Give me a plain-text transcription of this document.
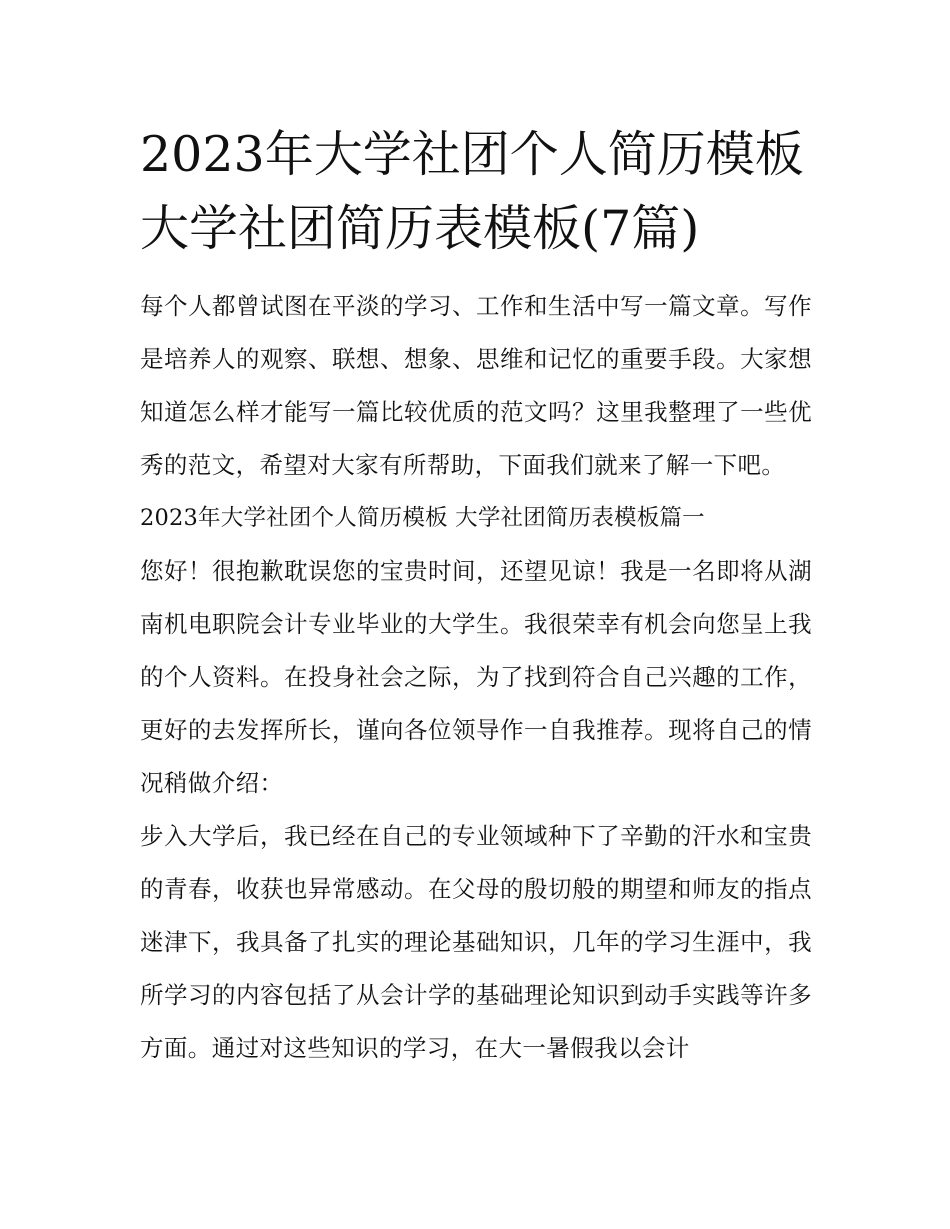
2023年大学社团个人简历模板
大学社团简历表模板(7篇)

每个人都曾试图在平淡的学习、工作和生活中写一篇文章。写作是培养人的观察、联想、想象、思维和记忆的重要手段。大家想知道怎么样才能写一篇比较优质的范文吗？这里我整理了一些优秀的范文，希望对大家有所帮助，下面我们就来了解一下吧。

2023年大学社团个人简历模板 大学社团简历表模板篇一

您好！很抱歉耽误您的宝贵时间，还望见谅！我是一名即将从湖南机电职院会计专业毕业的大学生。我很荣幸有机会向您呈上我的个人资料。在投身社会之际，为了找到符合自己兴趣的工作，更好的去发挥所长，谨向各位领导作一自我推荐。现将自己的情况稍做介绍：

步入大学后，我已经在自己的专业领域种下了辛勤的汗水和宝贵的青春，收获也异常感动。在父母的殷切般的期望和师友的指点迷津下，我具备了扎实的理论基础知识，几年的学习生涯中，我所学习的内容包括了从会计学的基础理论知识到动手实践等许多方面。通过对这些知识的学习，在大一暑假我以会计
